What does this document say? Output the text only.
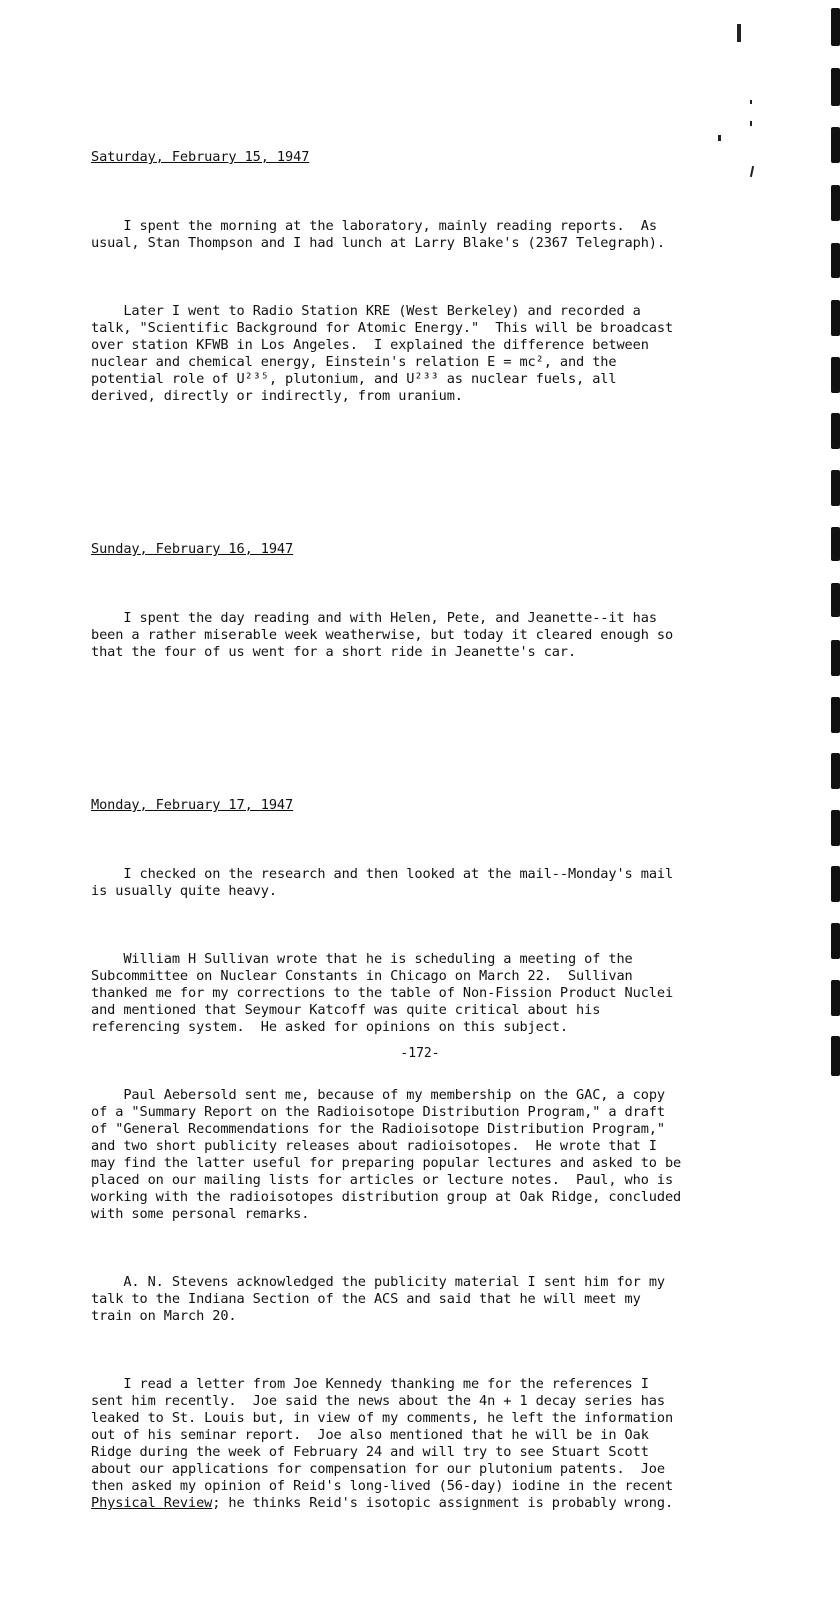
Saturday, February 15, 1947

I spent the morning at the laboratory, mainly reading reports.  As
usual, Stan Thompson and I had lunch at Larry Blake's (2367 Telegraph).

Later I went to Radio Station KRE (West Berkeley) and recorded a
talk, "Scientific Background for Atomic Energy."  This will be broadcast
over station KFWB in Los Angeles.  I explained the difference between
nuclear and chemical energy, Einstein's relation E = mc², and the
potential role of U²³⁵, plutonium, and U²³³ as nuclear fuels, all
derived, directly or indirectly, from uranium.

Sunday, February 16, 1947

I spent the day reading and with Helen, Pete, and Jeanette--it has
been a rather miserable week weatherwise, but today it cleared enough so
that the four of us went for a short ride in Jeanette's car.

Monday, February 17, 1947

I checked on the research and then looked at the mail--Monday's mail
is usually quite heavy.

William H Sullivan wrote that he is scheduling a meeting of the
Subcommittee on Nuclear Constants in Chicago on March 22.  Sullivan
thanked me for my corrections to the table of Non-Fission Product Nuclei
and mentioned that Seymour Katcoff was quite critical about his
referencing system.  He asked for opinions on this subject.

Paul Aebersold sent me, because of my membership on the GAC, a copy
of a "Summary Report on the Radioisotope Distribution Program," a draft
of "General Recommendations for the Radioisotope Distribution Program,"
and two short publicity releases about radioisotopes.  He wrote that I
may find the latter useful for preparing popular lectures and asked to be
placed on our mailing lists for articles or lecture notes.  Paul, who is
working with the radioisotopes distribution group at Oak Ridge, concluded
with some personal remarks.

A. N. Stevens acknowledged the publicity material I sent him for my
talk to the Indiana Section of the ACS and said that he will meet my
train on March 20.

I read a letter from Joe Kennedy thanking me for the references I
sent him recently.  Joe said the news about the 4n + 1 decay series has
leaked to St. Louis but, in view of my comments, he left the information
out of his seminar report.  Joe also mentioned that he will be in Oak
Ridge during the week of February 24 and will try to see Stuart Scott
about our applications for compensation for our plutonium patents.  Joe
then asked my opinion of Reid's long-lived (56-day) iodine in the recent
Physical Review; he thinks Reid's isotopic assignment is probably wrong.

-172-
